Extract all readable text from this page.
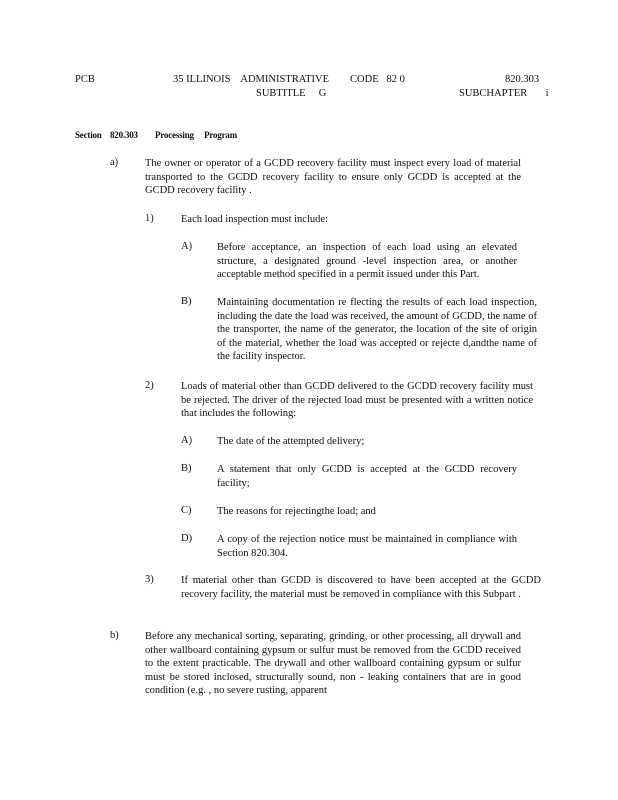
PCB	35 ILLINOIS    ADMINISTRATIVE        CODE   82 0
SUBTITLE     G
820.303
SUBCHAPTER       i
Section 820.303 Processing     Program
a)	The owner or operator of a GCDD recovery facility must inspect every load of material transported to the GCDD recovery facility to ensure only GCDD is accepted at the GCDD recovery facility .
1)	Each load inspection must include:
A) Before acceptance, an inspection of each load using an elevated structure, a designated ground -level inspection area, or another acceptable method specified in a permit issued under this Part.
B) Maintaining documentation re flecting the results of each load inspection, including the date the load was received, the amount of GCDD, the name of the transporter, the name of the generator, the location of the site of origin of the material, whether the load was accepted or rejecte d,andthe name of the facility inspector.
2)	Loads of material other than GCDD delivered to the GCDD recovery facility must be rejected. The driver of the rejected load must be presented with a written notice that includes the following:
A) The date of the attempted delivery;
B) A statement that only GCDD is accepted at the GCDD recovery facility;
C) The reasons for rejectingthe load; and
D) A copy of the rejection notice must be maintained in compliance with Section 820.304.
3)	If material other than GCDD is discovered to have been accepted at the GCDD recovery facility, the material must be removed in compliance with this Subpart .
b)	Before any mechanical sorting, separating, grinding, or other processing, all drywall and other wallboard containing gypsum or sulfur must be removed from the GCDD received to the extent practicable. The drywall and other wallboard containing gypsum or sulfur must be stored inclosed, structurally sound, non - leaking containers that are in good condition (e.g. , no severe rusting, apparent
